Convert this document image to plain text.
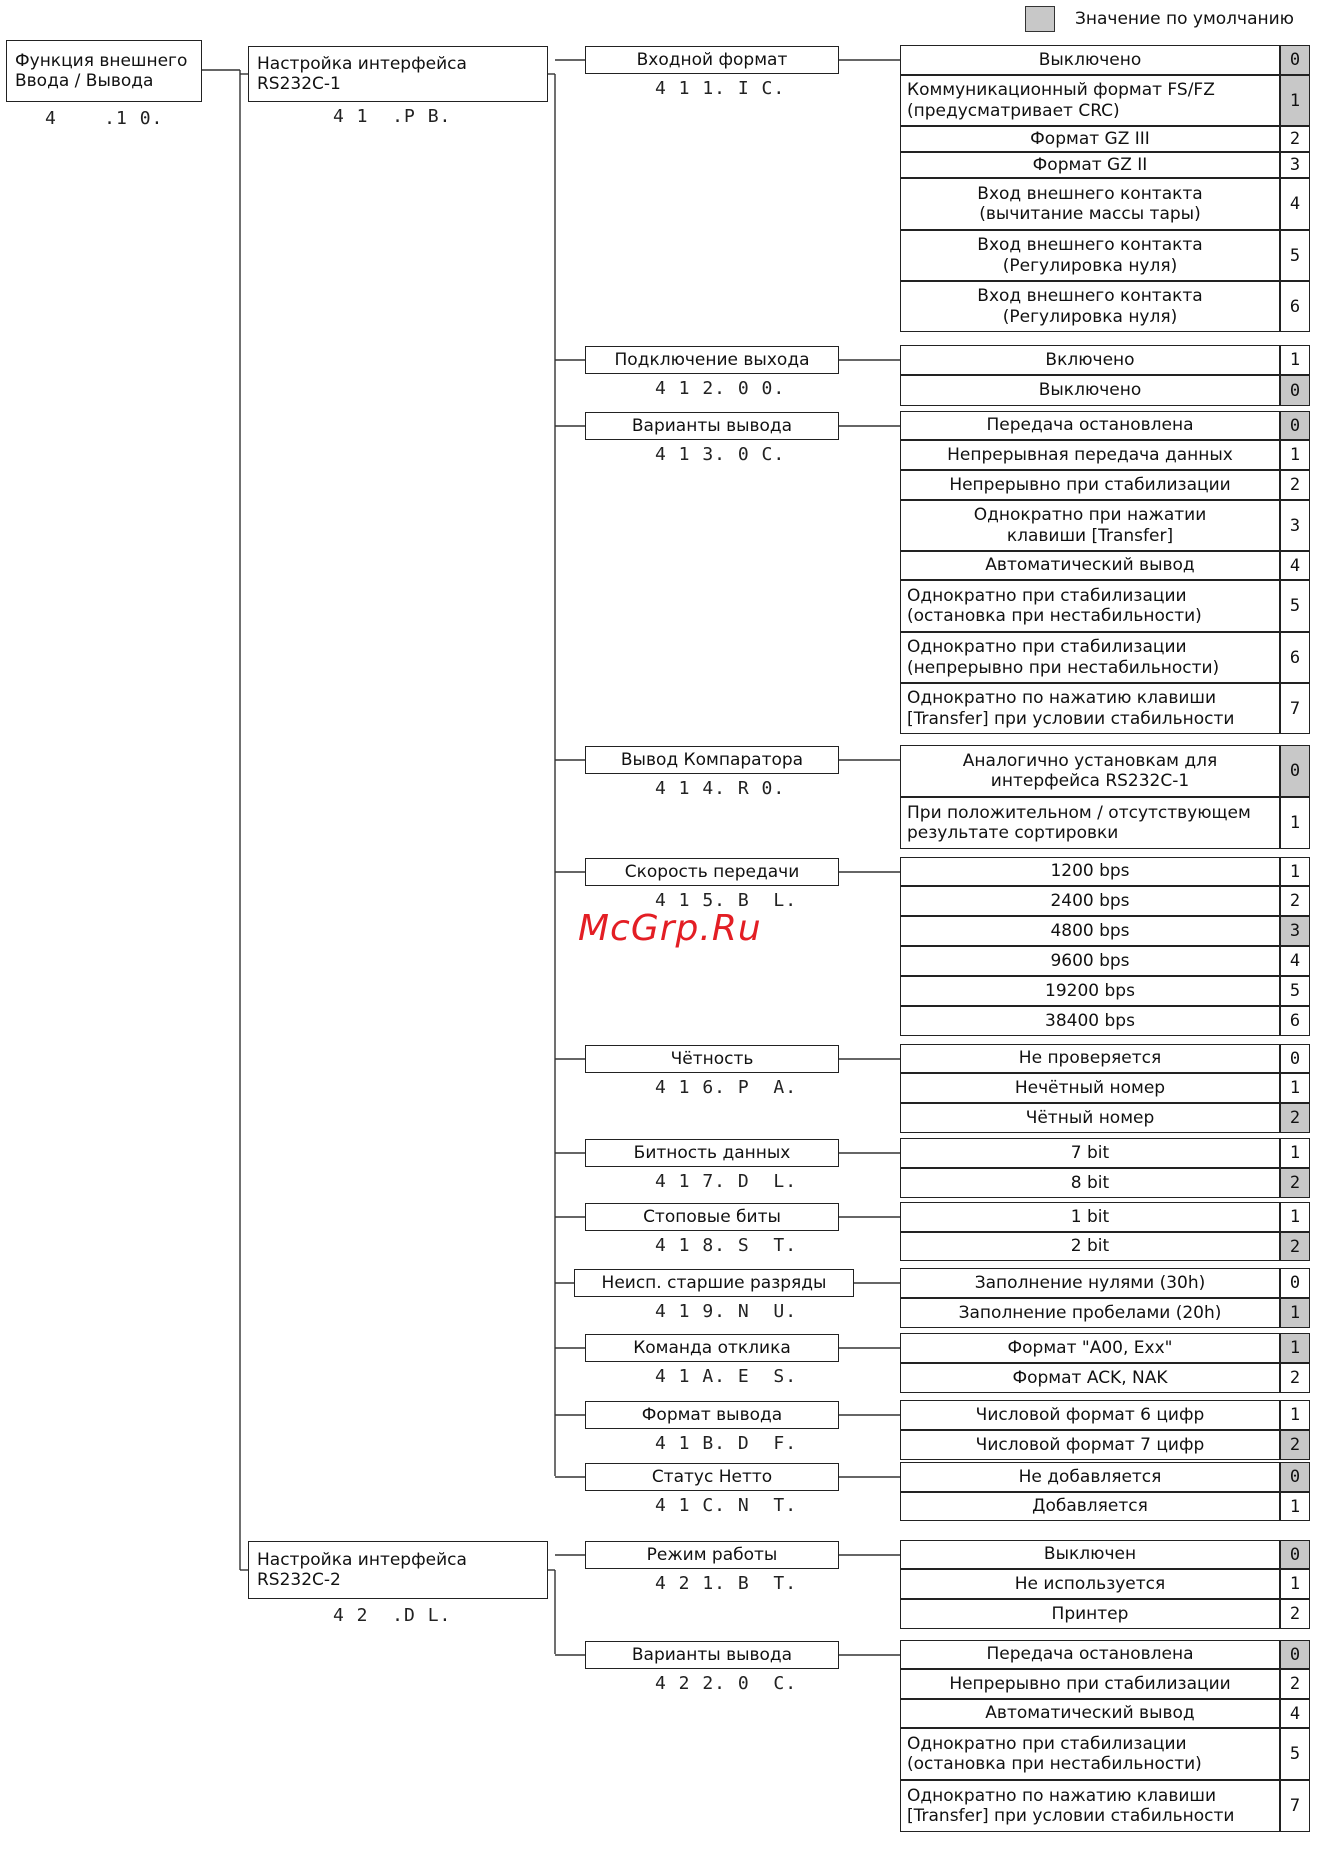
Значение по умолчанию
McGrp.Ru
Функция внешнего
Ввода / Вывода
4    .1 0.
Настройка интерфейса
RS232C-1
4 1  .P B.
Входной формат
4 1 1. I C.
Выключено	0
Коммуникационный формат FS/FZ
(предусматривает CRC)	1
Формат GZ III	2
Формат GZ II	3
Вход внешнего контакта
(вычитание массы тары)	4
Вход внешнего контакта
(Регулировка нуля)	5
Вход внешнего контакта
(Регулировка нуля)	6
Подключение выхода
4 1 2. 0 0.
Включено	1
Выключено	0
Варианты вывода
4 1 3. 0 C.
Передача остановлена	0
Непрерывная передача данных	1
Непрерывно при стабилизации	2
Однократно при нажатии
клавиши [Transfer]	3
Автоматический вывод	4
Однократно при стабилизации
(остановка при нестабильности)	5
Однократно при стабилизации
(непрерывно при нестабильности)	6
Однократно по нажатию клавиши
[Transfer] при условии стабильности	7
Вывод Компаратора
4 1 4. R 0.
Аналогично установкам для
интерфейса RS232C-1	0
При положительном / отсутствующем
результате сортировки	1
Скорость передачи
4 1 5. B  L.
1200 bps	1
2400 bps	2
4800 bps	3
9600 bps	4
19200 bps	5
38400 bps	6
Чётность
4 1 6. P  A.
Не проверяется	0
Нечётный номер	1
Чётный номер	2
Битность данных
4 1 7. D  L.
7 bit	1
8 bit	2
Стоповые биты
4 1 8. S  T.
1 bit	1
2 bit	2
Неисп. старшие разряды
4 1 9. N  U.
Заполнение нулями (30h)	0
Заполнение пробелами (20h)	1
Команда отклика
4 1 A. E  S.
Формат "A00, Exx"	1
Формат ACK, NAK	2
Формат вывода
4 1 B. D  F.
Числовой формат 6 цифр	1
Числовой формат 7 цифр	2
Статус Нетто
4 1 C. N  T.
Не добавляется	0
Добавляется	1
Настройка интерфейса
RS232C-2
4 2  .D L.
Режим работы
4 2 1. B  T.
Выключен	0
Не используется	1
Принтер	2
Варианты вывода
4 2 2. 0  C.
Передача остановлена	0
Непрерывно при стабилизации	2
Автоматический вывод	4
Однократно при стабилизации
(остановка при нестабильности)	5
Однократно по нажатию клавиши
[Transfer] при условии стабильности	7
